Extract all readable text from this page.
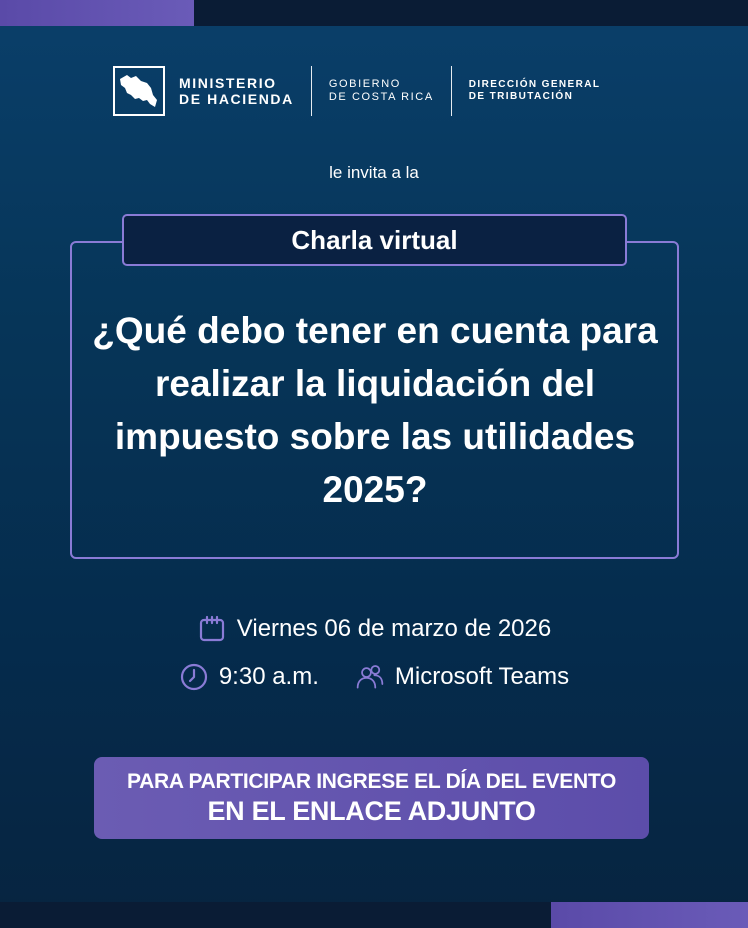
MINISTERIO
DE HACIENDA
GOBIERNO
DE COSTA RICA
DIRECCIÓN GENERAL
DE TRIBUTACIÓN
le invita a la
Charla virtual
¿Qué debo tener en cuenta para realizar la liquidación del impuesto sobre las utilidades 2025?
Viernes 06 de marzo de 2026
9:30 a.m.	Microsoft Teams
PARA PARTICIPAR INGRESE EL DÍA DEL EVENTO
EN EL ENLACE ADJUNTO
